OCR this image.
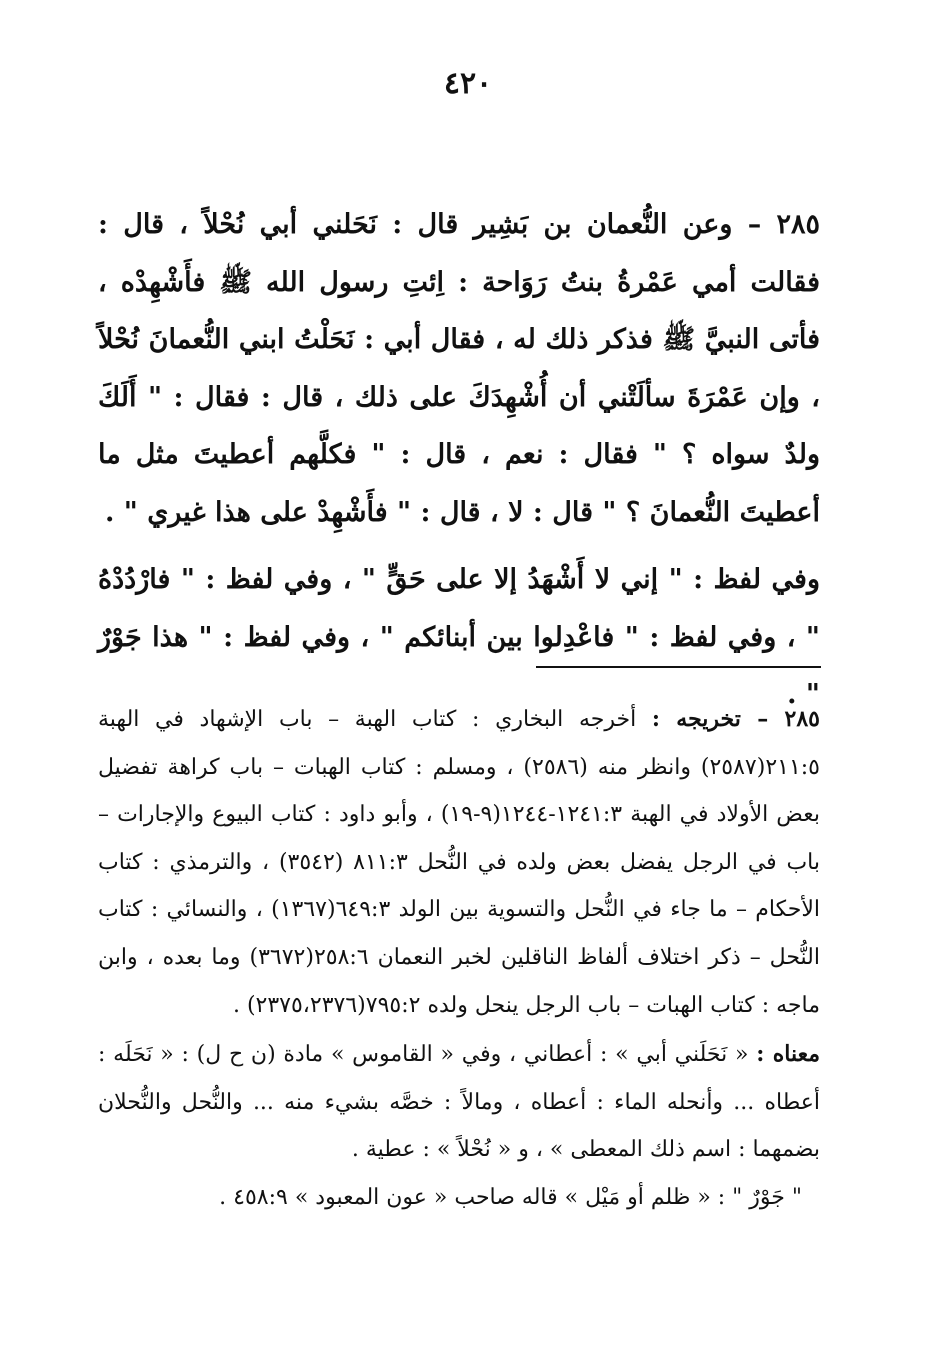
٤٢٠

٢٨٥ – وعن النُّعمان بن بَشِير قال : نَحَلني أبي نُحْلاً ، قال : فقالت أمي عَمْرةُ بنتُ رَوَاحة : اِئتِ رسول الله ﷺ فأَشْهِدْه ، فأتى النبيَّ ﷺ فذكر ذلك له ، فقال أبي : نَحَلْتُ ابني النُّعمانَ نُحْلاً ، وإن عَمْرَةَ سألَتْني أن أُشْهِدَكَ على ذلك ، قال : فقال : " أَلَكَ ولدٌ سواه ؟ " فقال : نعم ، قال : " فكلَّهم أعطيتَ مثل ما أعطيتَ النُّعمانَ ؟ " قال : لا ، قال : " فأَشْهِدْ على هذا غيري " .

وفي لفظ : " إني لا أَشْهَدُ إلا على حَقٍّ " ، وفي لفظ : " فارْدُدْهُ " ، وفي لفظ : " فاعْدِلوا بين أبنائكم " ، وفي لفظ : " هذا جَوْرٌ " .

٢٨٥ – تخريجه : أخرجه البخاري : كتاب الهبة – باب الإشهاد في الهبة ٢١١:٥(٢٥٨٧) وانظر منه (٢٥٨٦) ، ومسلم : كتاب الهبات – باب كراهة تفضيل بعض الأولاد في الهبة ١٢٤١:٣-١٢٤٤(٩-١٩) ، وأبو داود : كتاب البيوع والإجارات – باب في الرجل يفضل بعض ولده في النُّحل ٨١١:٣ (٣٥٤٢) ، والترمذي : كتاب الأحكام – ما جاء في النُّحل والتسوية بين الولد ٦٤٩:٣(١٣٦٧) ، والنسائي : كتاب النُّحل – ذكر اختلاف ألفاظ الناقلين لخبر النعمان ٢٥٨:٦(٣٦٧٢) وما بعده ، وابن ماجه : كتاب الهبات – باب الرجل ينحل ولده ٧٩٥:٢(٢٣٧٥،٢٣٧٦) .

معناه : « نَحَلَني أبي » : أعطاني ، وفي « القاموس » مادة (ن ح ل) : « نَحَلَه : أعطاه ... وأنحله الماء : أعطاه ، ومالاً : خصَّه بشيء منه ... والنُّحل والنُّحلان بضمهما : اسم ذلك المعطى » ، و « نُحْلاً » : عطية .

" جَوْرٌ " : « ظلم أو مَيْل » قاله صاحب « عون المعبود » ٤٥٨:٩ .
